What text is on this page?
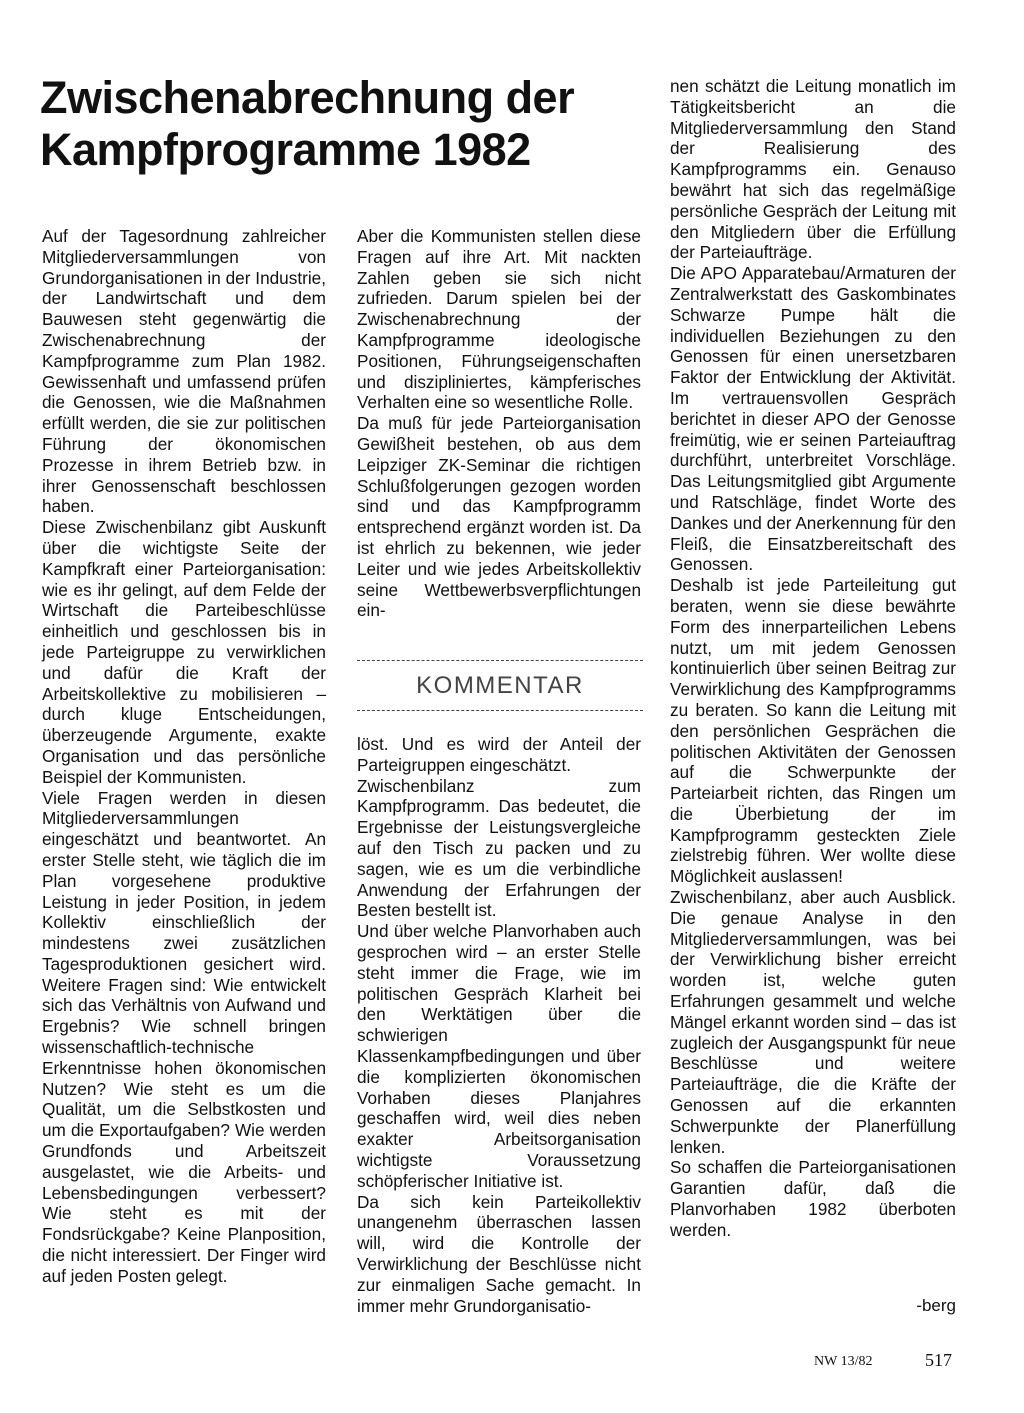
Zwischenabrechnung der Kampfprogramme 1982

Auf der Tagesordnung zahlreicher Mitgliederversammlungen von Grundorganisationen in der Industrie, der Landwirtschaft und dem Bauwesen steht gegenwärtig die Zwischenabrechnung der Kampfprogramme zum Plan 1982. Gewissenhaft und umfassend prüfen die Genossen, wie die Maßnahmen erfüllt werden, die sie zur politischen Führung der ökonomischen Prozesse in ihrem Betrieb bzw. in ihrer Genossenschaft beschlossen haben.

Diese Zwischenbilanz gibt Auskunft über die wichtigste Seite der Kampfkraft einer Parteiorganisation: wie es ihr gelingt, auf dem Felde der Wirtschaft die Parteibeschlüsse einheitlich und geschlossen bis in jede Parteigruppe zu verwirklichen und dafür die Kraft der Arbeitskollektive zu mobilisieren – durch kluge Entscheidungen, überzeugende Argumente, exakte Organisation und das persönliche Beispiel der Kommunisten.

Viele Fragen werden in diesen Mitgliederversammlungen eingeschätzt und beantwortet. An erster Stelle steht, wie täglich die im Plan vorgesehene produktive Leistung in jeder Position, in jedem Kollektiv einschließlich der mindestens zwei zusätzlichen Tagesproduktionen gesichert wird. Weitere Fragen sind: Wie entwickelt sich das Verhältnis von Aufwand und Ergebnis? Wie schnell bringen wissenschaftlich-technische Erkenntnisse hohen ökonomischen Nutzen? Wie steht es um die Qualität, um die Selbstkosten und um die Exportaufgaben? Wie werden Grundfonds und Arbeitszeit ausgelastet, wie die Arbeits- und Lebensbedingungen verbessert? Wie steht es mit der Fondsrückgabe? Keine Planposition, die nicht interessiert. Der Finger wird auf jeden Posten gelegt.

Aber die Kommunisten stellen diese Fragen auf ihre Art. Mit nackten Zahlen geben sie sich nicht zufrieden. Darum spielen bei der Zwischenabrechnung der Kampfprogramme ideologische Positionen, Führungseigenschaften und diszipliniertes, kämpferisches Verhalten eine so wesentliche Rolle.

Da muß für jede Parteiorganisation Gewißheit bestehen, ob aus dem Leipziger ZK-Seminar die richtigen Schlußfolgerungen gezogen worden sind und das Kampfprogramm entsprechend ergänzt worden ist. Da ist ehrlich zu bekennen, wie jeder Leiter und wie jedes Arbeitskollektiv seine Wettbewerbsverpflichtungen ein-

KOMMENTAR

löst. Und es wird der Anteil der Parteigruppen eingeschätzt.

Zwischenbilanz zum Kampfprogramm. Das bedeutet, die Ergebnisse der Leistungsvergleiche auf den Tisch zu packen und zu sagen, wie es um die verbindliche Anwendung der Erfahrungen der Besten bestellt ist.

Und über welche Planvorhaben auch gesprochen wird – an erster Stelle steht immer die Frage, wie im politischen Gespräch Klarheit bei den Werktätigen über die schwierigen Klassenkampfbedingungen und über die komplizierten ökonomischen Vorhaben dieses Planjahres geschaffen wird, weil dies neben exakter Arbeitsorganisation wichtigste Voraussetzung schöpferischer Initiative ist.

Da sich kein Parteikollektiv unangenehm überraschen lassen will, wird die Kontrolle der Verwirklichung der Beschlüsse nicht zur einmaligen Sache gemacht. In immer mehr Grundorganisatio-

nen schätzt die Leitung monatlich im Tätigkeitsbericht an die Mitgliederversammlung den Stand der Realisierung des Kampfprogramms ein. Genauso bewährt hat sich das regelmäßige persönliche Gespräch der Leitung mit den Mitgliedern über die Erfüllung der Parteiaufträge.

Die APO Apparatebau/Armaturen der Zentralwerkstatt des Gaskombinates Schwarze Pumpe hält die individuellen Beziehungen zu den Genossen für einen unersetzbaren Faktor der Entwicklung der Aktivität. Im vertrauensvollen Gespräch berichtet in dieser APO der Genosse freimütig, wie er seinen Parteiauftrag durchführt, unterbreitet Vorschläge. Das Leitungsmitglied gibt Argumente und Ratschläge, findet Worte des Dankes und der Anerkennung für den Fleiß, die Einsatzbereitschaft des Genossen.

Deshalb ist jede Parteileitung gut beraten, wenn sie diese bewährte Form des innerparteilichen Lebens nutzt, um mit jedem Genossen kontinuierlich über seinen Beitrag zur Verwirklichung des Kampfprogramms zu beraten. So kann die Leitung mit den persönlichen Gesprächen die politischen Aktivitäten der Genossen auf die Schwerpunkte der Parteiarbeit richten, das Ringen um die Überbietung der im Kampfprogramm gesteckten Ziele zielstrebig führen. Wer wollte diese Möglichkeit auslassen!

Zwischenbilanz, aber auch Ausblick. Die genaue Analyse in den Mitgliederversammlungen, was bei der Verwirklichung bisher erreicht worden ist, welche guten Erfahrungen gesammelt und welche Mängel erkannt worden sind – das ist zugleich der Ausgangspunkt für neue Beschlüsse und weitere Parteiaufträge, die die Kräfte der Genossen auf die erkannten Schwerpunkte der Planerfüllung lenken.

So schaffen die Parteiorganisationen Garantien dafür, daß die Planvorhaben 1982 überboten werden.

-berg
NW 13/82	517
